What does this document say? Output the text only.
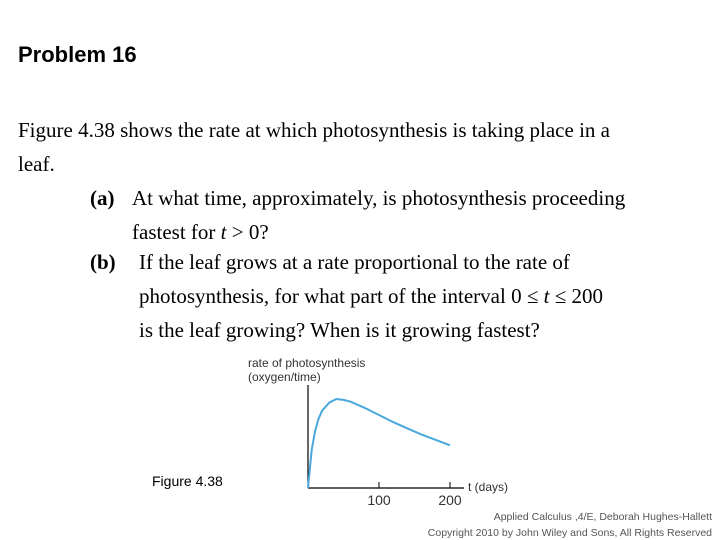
Problem 16
Figure 4.38 shows the rate at which photosynthesis is taking place in a
leaf.
(a) At what time, approximately, is photosynthesis proceeding
fastest for t > 0?
(b) If the leaf grows at a rate proportional to the rate of
photosynthesis, for what part of the interval 0 ≤ t ≤ 200
is the leaf growing? When is it growing fastest?
rate of photosynthesis
(oxygen/time)
t (days)
100	200
Figure 4.38
Applied Calculus ,4/E, Deborah Hughes-Hallett
Copyright 2010 by John Wiley and Sons, All Rights Reserved
